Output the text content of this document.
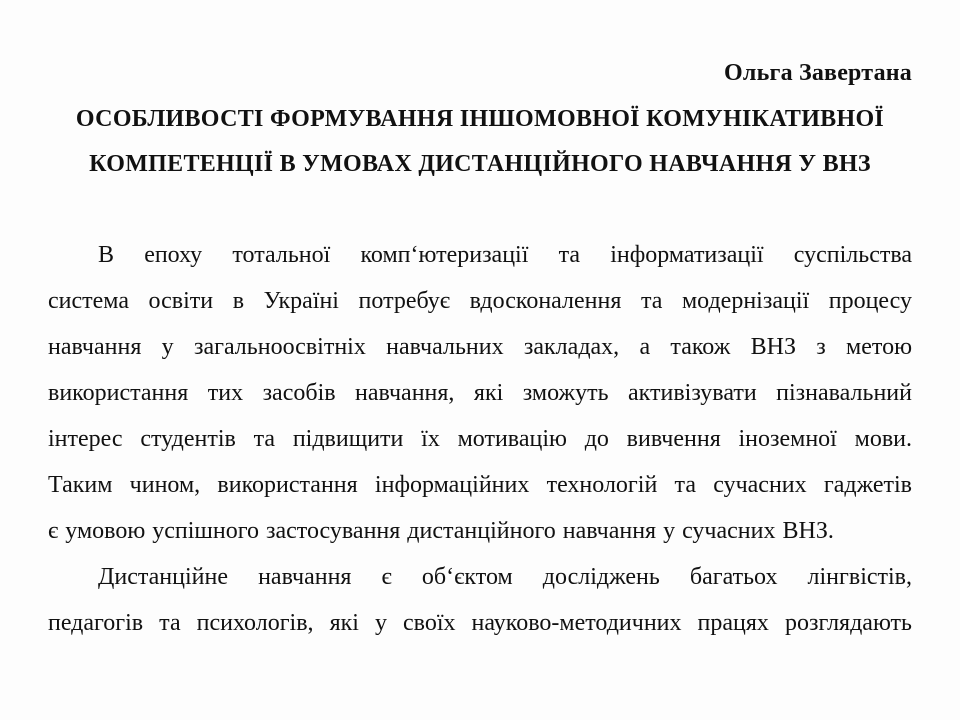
Ольга Завертана
ОСОБЛИВОСТІ ФОРМУВАННЯ ІНШОМОВНОЇ КОМУНІКАТИВНОЇ
КОМПЕТЕНЦІЇ В УМОВАХ ДИСТАНЦІЙНОГО НАВЧАННЯ У ВНЗ
В епоху тотальної комп‘ютеризації та інформатизації суспільства
система освіти в Україні потребує вдосконалення та модернізації процесу
навчання у загальноосвітніх навчальних закладах, а також ВНЗ з метою
використання тих засобів навчання, які зможуть активізувати пізнавальний
інтерес студентів та підвищити їх мотивацію до вивчення іноземної мови.
Таким чином, використання інформаційних технологій та сучасних гаджетів
є умовою успішного застосування дистанційного навчання у сучасних ВНЗ.
Дистанційне навчання є об‘єктом досліджень багатьох лінгвістів,
педагогів та психологів, які у своїх науково-методичних працях розглядають
